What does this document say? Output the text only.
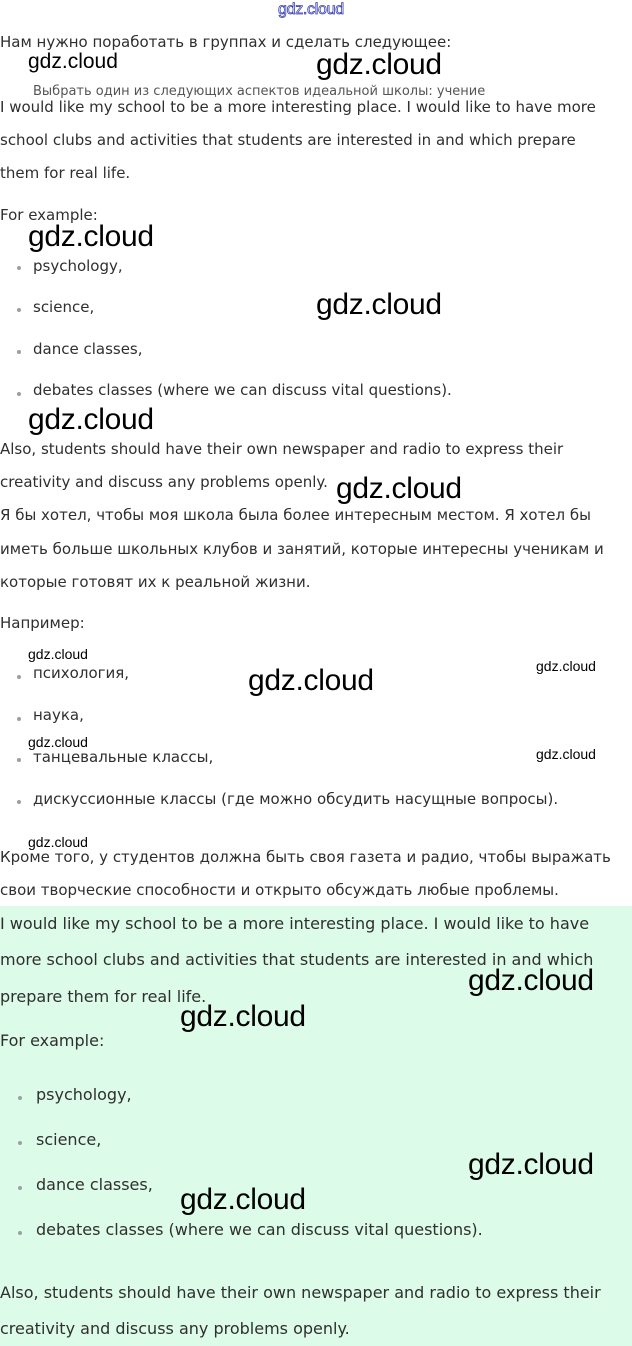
gdz.cloud
Нам нужно поработать в группах и сделать следующее:
Выбрать один из следующих аспектов идеальной школы: учение
I would like my school to be a more interesting place. I would like to have more
school clubs and activities that students are interested in and which prepare
them for real life.
For example:
psychology,
science,
dance classes,
debates classes (where we can discuss vital questions).
Also, students should have their own newspaper and radio to express their
creativity and discuss any problems openly.
Я бы хотел, чтобы моя школа была более интересным местом. Я хотел бы
иметь больше школьных клубов и занятий, которые интересны ученикам и
которые готовят их к реальной жизни.
Например:
психология,
наука,
танцевальные классы,
дискуссионные классы (где можно обсудить насущные вопросы).
Кроме того, у студентов должна быть своя газета и радио, чтобы выражать
свои творческие способности и открыто обсуждать любые проблемы.
I would like my school to be a more interesting place. I would like to have
more school clubs and activities that students are interested in and which
prepare them for real life.
For example:
psychology,
science,
dance classes,
debates classes (where we can discuss vital questions).
Also, students should have their own newspaper and radio to express their
creativity and discuss any problems openly.
gdz.cloud	gdz.cloud
gdz.cloud
gdz.cloud
gdz.cloud
gdz.cloud
gdz.cloud
gdz.cloud	gdz.cloud
gdz.cloud
gdz.cloud
gdz.cloud
gdz.cloud
gdz.cloud
gdz.cloud
gdz.cloud
